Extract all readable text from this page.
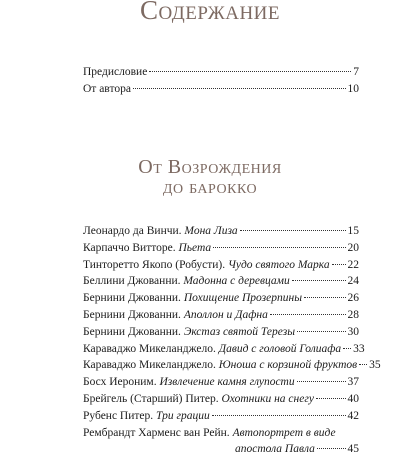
Содержание
Предисловие	7
От автора	10
От Возрождения
до барокко
Леонардо да Винчи. Мона Лиза	15
Карпаччо Витторе. Пьета	20
Тинторетто Якопо (Робусти). Чудо святого Марка 22
Беллини Джованни. Мадонна с деревцами	24
Бернини Джованни. Похищение Прозерпины	26
Бернини Джованни. Аполлон и Дафна	28
Бернини Джованни. Экстаз святой Терезы	30
Караваджо Микеланджело. Давид с головой Голиафа 33
Караваджо Микеланджело. Юноша с корзиной фруктов 35
Босх Иероним. Извлечение камня глупости	37
Брейгель (Старший) Питер. Охотники на снегу	40
Рубенс Питер. Три грации	42
Рембрандт Харменс ван Рейн. Автопортрет в виде
апостола Павла	45
